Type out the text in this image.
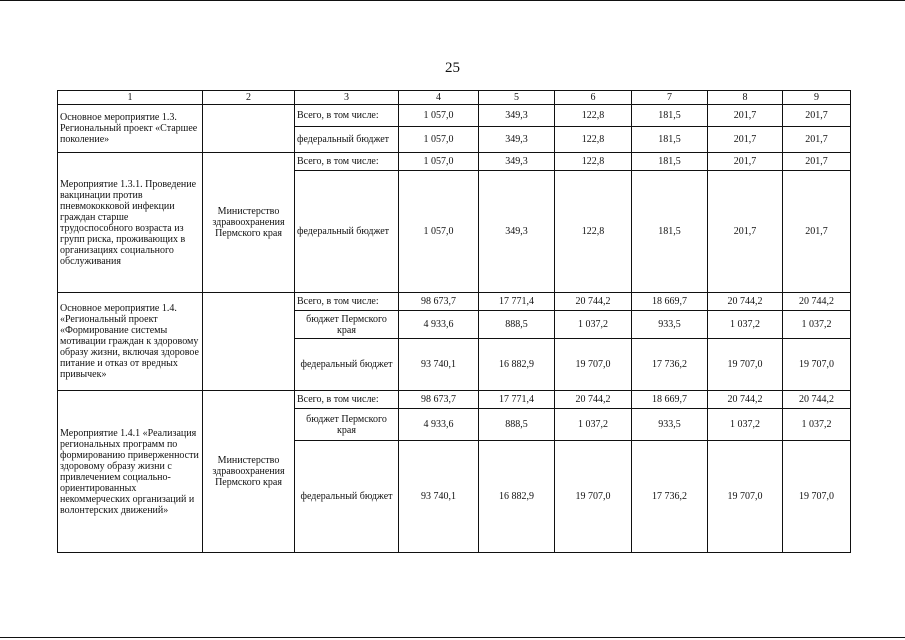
25
1	2	3	4	5	6	7	8	9
Основное мероприятие 1.3. Региональный проект «Старшее поколение»		Всего, в том числе:	1 057,0	349,3	122,8	181,5	201,7	201,7
		федеральный бюджет	1 057,0	349,3	122,8	181,5	201,7	201,7
Мероприятие 1.3.1. Проведение вакцинации против пневмококковой инфекции граждан старше трудоспособного возраста из групп риска, проживающих в организациях социального обслуживания	Министерство здравоохранения Пермского края	Всего, в том числе:	1 057,0	349,3	122,8	181,5	201,7	201,7
		федеральный бюджет	1 057,0	349,3	122,8	181,5	201,7	201,7
Основное мероприятие 1.4. «Региональный проект «Формирование системы мотивации граждан к здоровому образу жизни, включая здоровое питание и отказ от вредных привычек»		Всего, в том числе:	98 673,7	17 771,4	20 744,2	18 669,7	20 744,2	20 744,2
		бюджет Пермского края	4 933,6	888,5	1 037,2	933,5	1 037,2	1 037,2
		федеральный бюджет	93 740,1	16 882,9	19 707,0	17 736,2	19 707,0	19 707,0
Мероприятие 1.4.1 «Реализация региональных программ по формированию приверженности здоровому образу жизни с привлечением социально-ориентированных некоммерческих организаций и волонтерских движений»	Министерство здравоохранения Пермского края	Всего, в том числе:	98 673,7	17 771,4	20 744,2	18 669,7	20 744,2	20 744,2
		бюджет Пермского края	4 933,6	888,5	1 037,2	933,5	1 037,2	1 037,2
		федеральный бюджет	93 740,1	16 882,9	19 707,0	17 736,2	19 707,0	19 707,0
